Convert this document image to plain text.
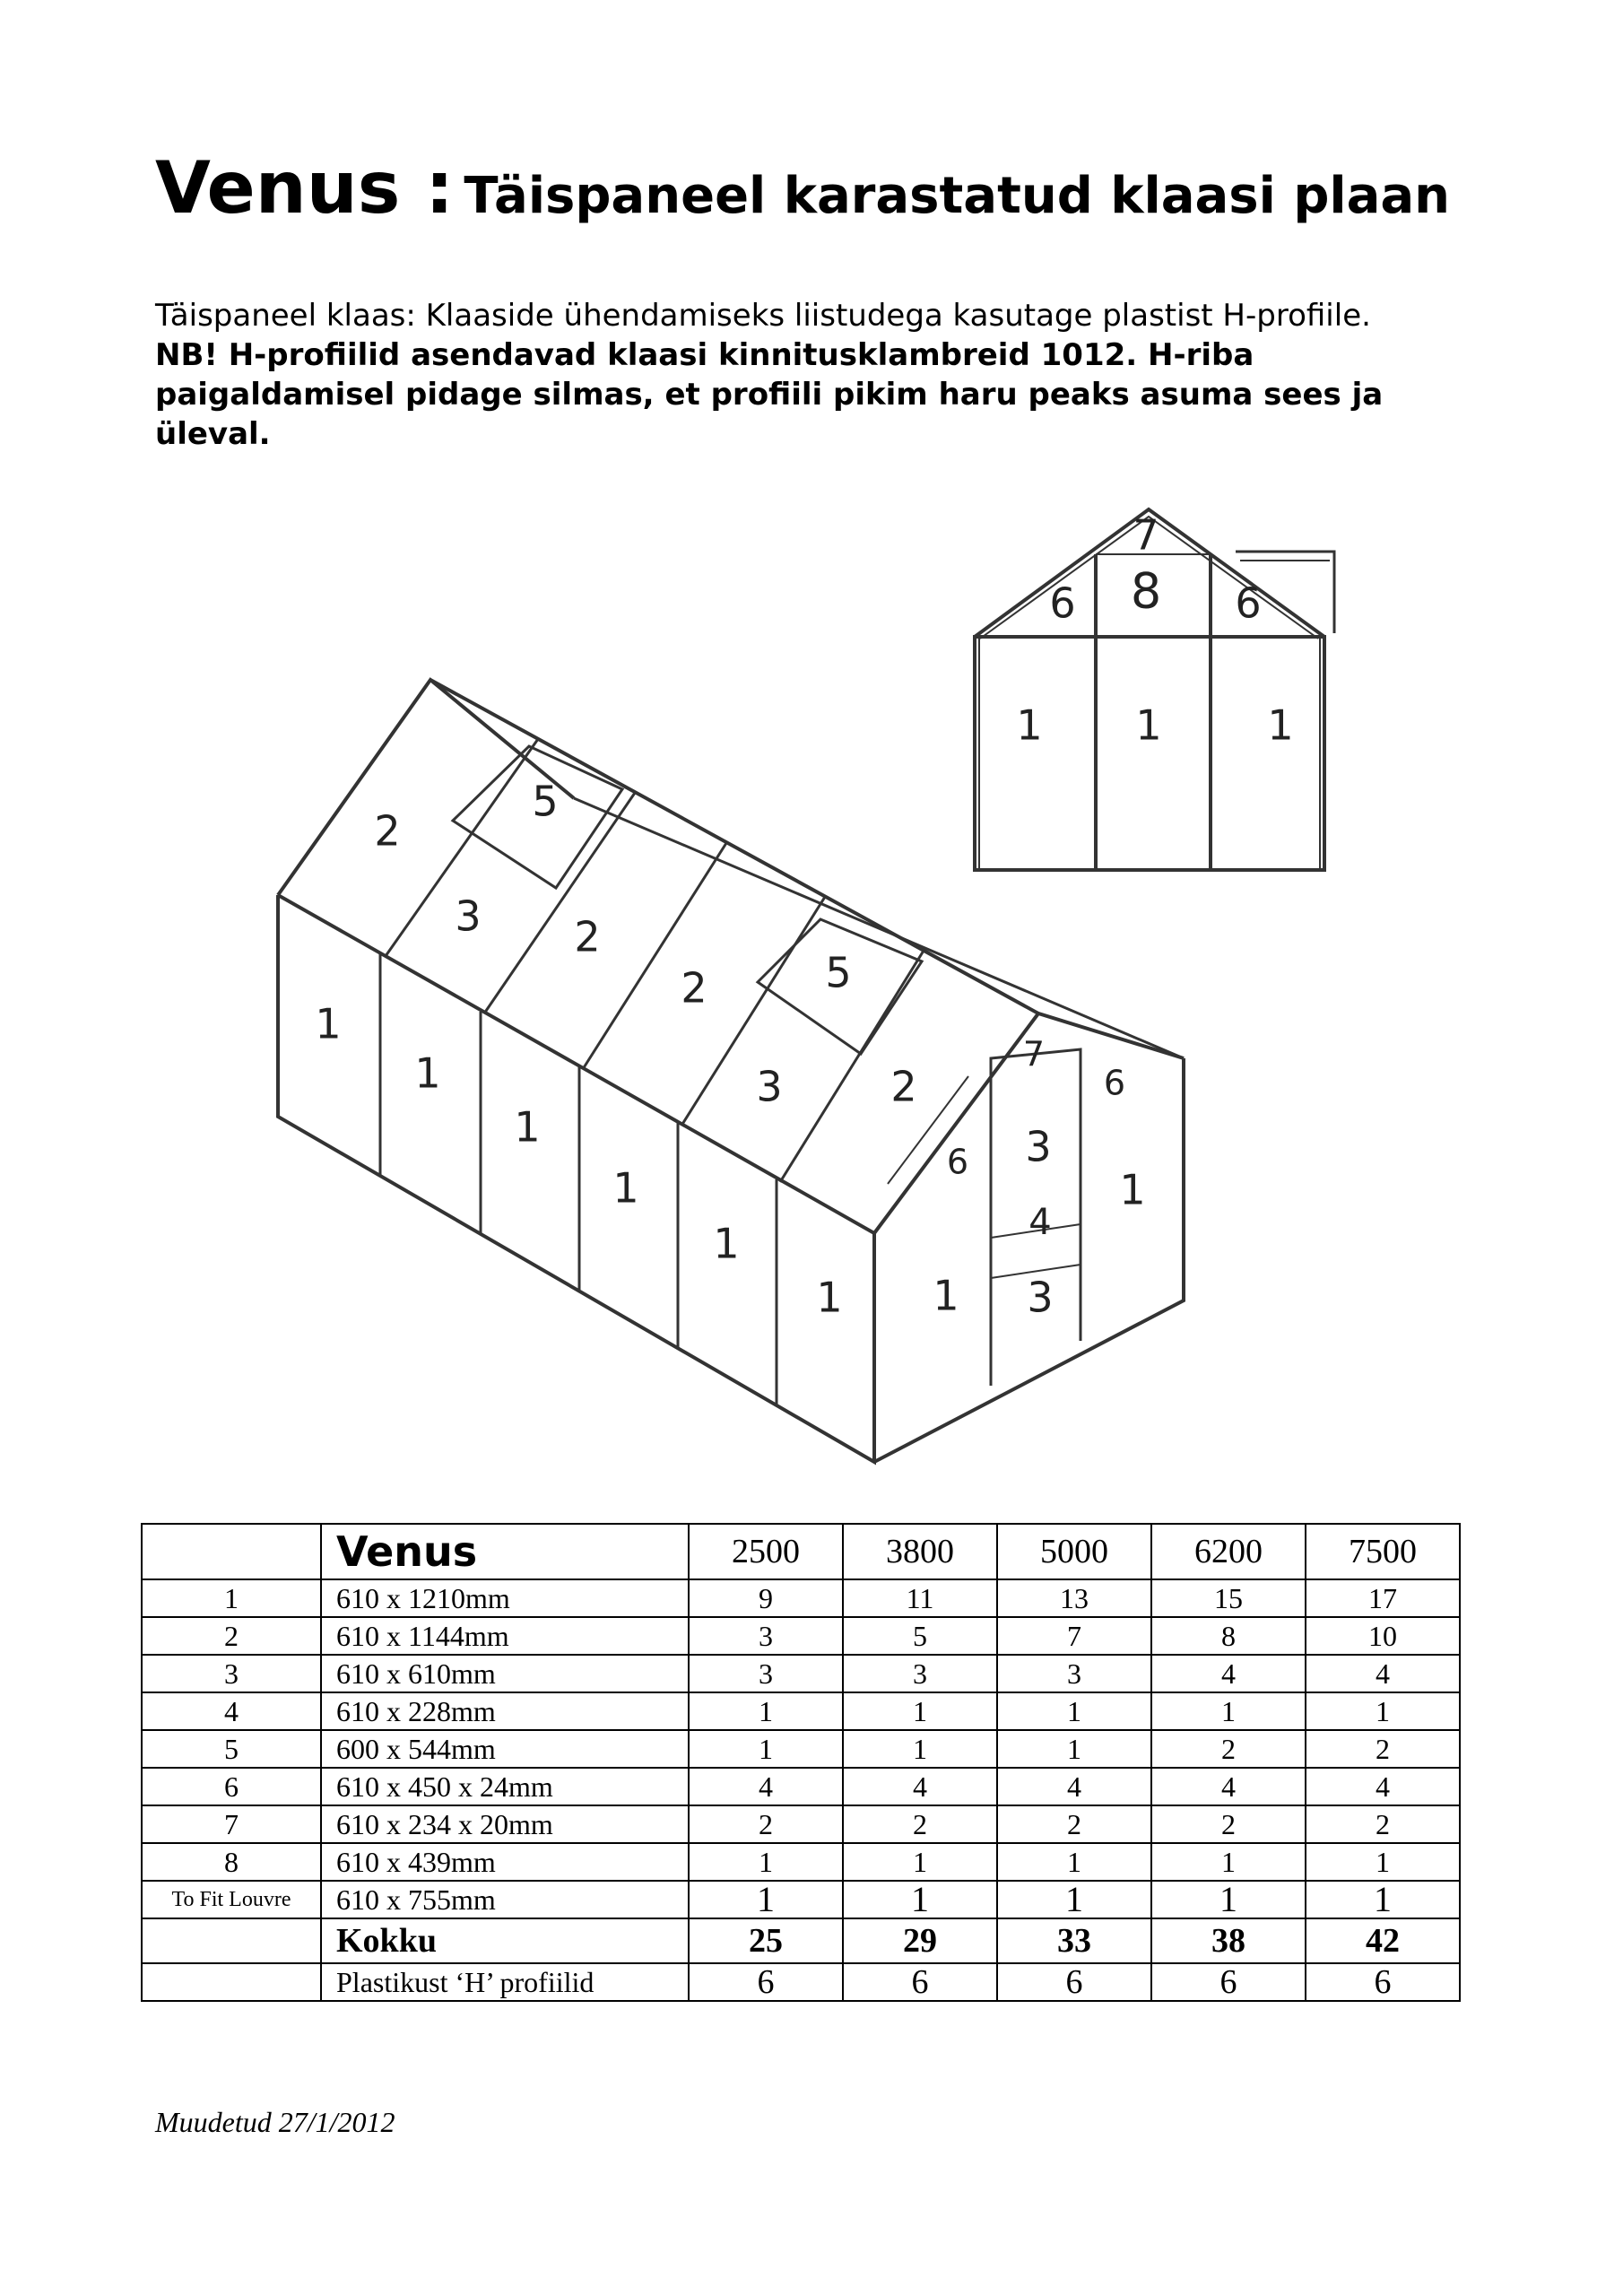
Venus : Täispaneel karastatud klaasi plaan

Täispaneel klaas: Klaaside ühendamiseks liistudega kasutage plastist H-profiile.

NB! H-profiilid asendavad klaasi kinnitusklambreid 1012. H-riba paigaldamisel pidage silmas, et profiili pikim haru peaks asuma sees ja üleval.

7
8
6	6
1 1	1
5
2
3 2
2	5
3	2
1
1
1
1
1
1
7
6
6 3
4
3
1
1
	Venus	2500	3800	5000	6200	7500
1	610 x 1210mm	9	11	13	15	17
2	610 x 1144mm	3	5	7	8	10
3	610 x 610mm	3	3	3	4	4
4	610 x 228mm	1	1	1	1	1
5	600 x 544mm	1	1	1	2	2
6	610 x 450 x 24mm	4	4	4	4	4
7	610 x 234 x 20mm	2	2	2	2	2
8	610 x 439mm	1	1	1	1	1
To Fit Louvre	610 x 755mm	1	1	1	1	1
	Kokku	25	29	33	38	42
	Plastikust ‘H’ profiilid	6	6	6	6	6

Muudetud 27/1/2012
